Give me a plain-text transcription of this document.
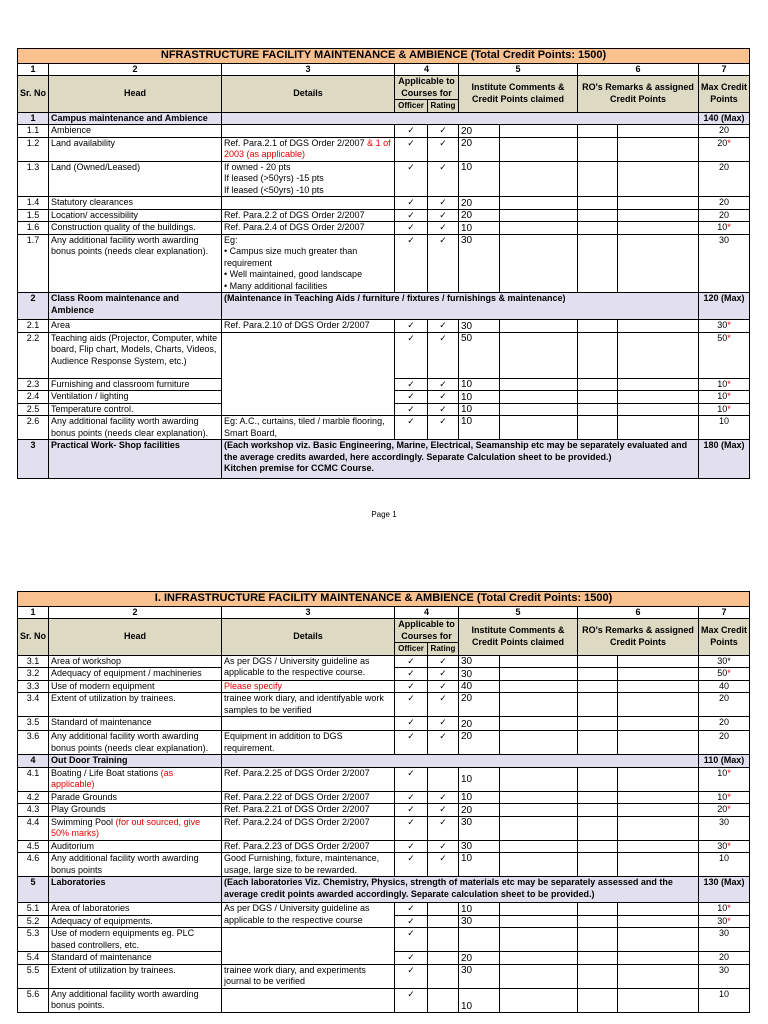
NFRASTRUCTURE FACILITY MAINTENANCE & AMBIENCE (Total Credit Points: 1500)									
1	2	3	4		5		6		7
Sr. No	Head	Details	Applicable to Courses for		Institute Comments & Credit Points claimed		RO's Remarks & assigned Credit Points		Max Credit Points
			Officer	Rating					
1	Campus maintenance and Ambience								140 (Max)
1.1	Ambience		✓	✓	20				20
1.2	Land availability	Ref. Para.2.1 of DGS Order 2/2007 & 1 of 2003 (as applicable)	✓	✓	20				20*
1.3	Land (Owned/Leased)	If owned - 20 pts
If leased (>50yrs) -15 pts
If leased (<50yrs) -10 pts	✓	✓	10				20
1.4	Statutory clearances		✓	✓	20				20
1.5	Location/ accessibility	Ref. Para.2.2 of DGS Order 2/2007	✓	✓	20				20
1.6	Construction quality of the buildings.	Ref. Para.2.4 of DGS Order 2/2007	✓	✓	10				10*
1.7	Any additional facility worth awarding bonus points (needs clear explanation).	Eg:
• Campus size much greater than requirement
• Well maintained, good landscape
• Many additional facilities	✓	✓	30				30
2	Class Room maintenance and Ambience	(Maintenance in Teaching Aids / furniture / fixtures / furnishings & maintenance)							120 (Max)
2.1	Area	Ref. Para.2.10 of DGS Order 2/2007	✓	✓	30				30*
2.2	Teaching aids (Projector, Computer, white board, Flip chart, Models, Charts, Videos, Audience Response System, etc.)		✓	✓	50				50*
2.3	Furnishing and classroom furniture		✓	✓	10				10*
2.4	Ventilation / lighting		✓	✓	10				10*
2.5	Temperature control.		✓	✓	10				10*
2.6	Any additional facility worth awarding bonus points (needs clear explanation).	Eg: A.C., curtains, tiled / marble flooring, Smart Board,	✓	✓	10				10
3	Practical Work- Shop facilities	(Each workshop viz. Basic Engineering, Marine, Electrical, Seamanship etc may be separately evaluated and the average credits awarded, here accordingly. Separate Calculation sheet to be provided.)
Kitchen premise for CCMC Course.							180 (Max)
Page 1
I. INFRASTRUCTURE FACILITY MAINTENANCE & AMBIENCE (Total Credit Points: 1500)									
1	2	3	4		5		6		7
Sr. No	Head	Details	Applicable to Courses for		Institute Comments & Credit Points claimed		RO's Remarks & assigned Credit Points		Max Credit Points
			Officer	Rating					
3.1	Area of workshop	As per DGS / University guideline as applicable to the respective course.	✓	✓	30				30*
3.2	Adequacy of equipment / machineries		✓	✓	30				50*
3.3	Use of modern equipment	Please specify	✓	✓	40				40
3.4	Extent of utilization by trainees.	trainee work diary, and identifyable work samples to be verified	✓	✓	20				20
3.5	Standard of maintenance		✓	✓	20				20
3.6	Any additional facility worth awarding bonus points (needs clear explanation).	Equipment in addition to DGS requirement.	✓	✓	20				20
4	Out Door Training								110 (Max)
4.1	Boating / Life Boat stations (as applicable)	Ref. Para.2.25 of DGS Order 2/2007	✓		10				10*
4.2	Parade Grounds	Ref. Para.2.22 of DGS Order 2/2007	✓	✓	10				10*
4.3	Play Grounds	Ref. Para.2.21 of DGS Order 2/2007	✓	✓	20				20*
4.4	Swimming Pool (for out sourced, give 50% marks)	Ref. Para.2.24 of DGS Order 2/2007	✓	✓	30				30
4.5	Auditorium	Ref. Para.2.23 of DGS Order 2/2007	✓	✓	30				30*
4.6	Any additional facility worth awarding bonus points	Good Furnishing, fixture, maintenance, usage, large size to be rewarded.	✓	✓	10				10
5	Laboratories	(Each laboratories Viz. Chemistry, Physics, strength of materials etc may be separately assessed and the average credit points awarded accordingly. Separate calculation sheet to be provided.)							130 (Max)
5.1	Area of laboratories	As per DGS / University guideline as applicable to the respective course	✓		10				10*
5.2	Adequacy of equipments.		✓		30				30*
5.3	Use of modern equipments eg. PLC based controllers, etc.		✓						30
5.4	Standard of maintenance		✓		20				20
5.5	Extent of utilization by trainees.	trainee work diary, and experiments journal to be verified	✓		30				30
5.6	Any additional facility worth awarding bonus points.		✓		10				10
